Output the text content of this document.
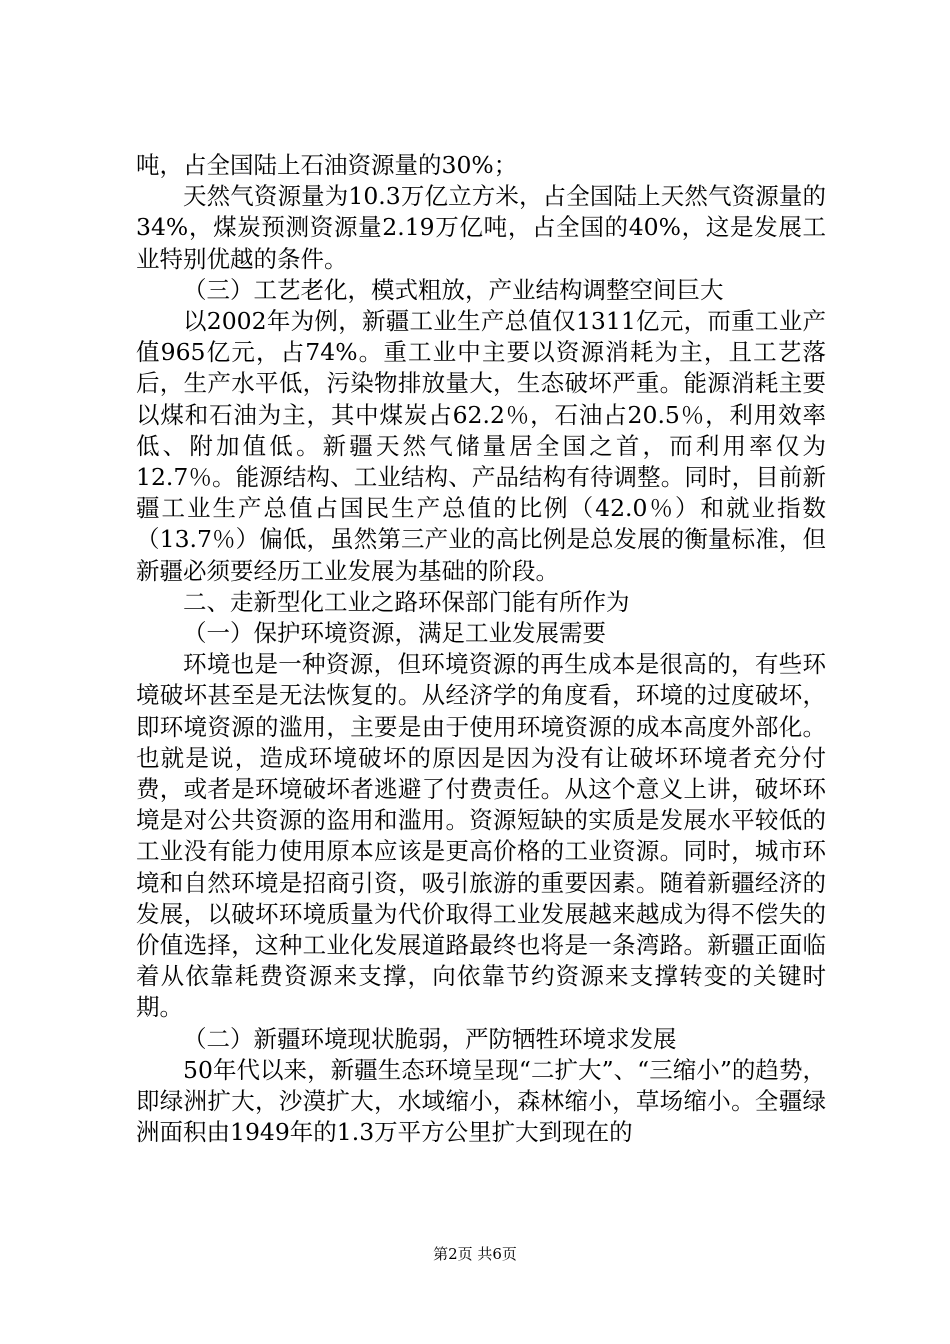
吨，占全国陆上石油资源量的30%；

天然气资源量为10.3万亿立方米，占全国陆上天然气资源量的34%，煤炭预测资源量2.19万亿吨，占全国的40%，这是发展工业特别优越的条件。

（三）工艺老化，模式粗放，产业结构调整空间巨大

以2002年为例，新疆工业生产总值仅1311亿元，而重工业产值965亿元，占74%。重工业中主要以资源消耗为主，且工艺落后，生产水平低，污染物排放量大，生态破坏严重。能源消耗主要以煤和石油为主，其中煤炭占62.2％，石油占20.5％，利用效率低、附加值低。新疆天然气储量居全国之首，而利用率仅为12.7％。能源结构、工业结构、产品结构有待调整。同时，目前新疆工业生产总值占国民生产总值的比例（42.0％）和就业指数（13.7％）偏低，虽然第三产业的高比例是总发展的衡量标准，但新疆必须要经历工业发展为基础的阶段。

二、走新型化工业之路环保部门能有所作为

（一）保护环境资源，满足工业发展需要

环境也是一种资源，但环境资源的再生成本是很高的，有些环境破坏甚至是无法恢复的。从经济学的角度看，环境的过度破坏，即环境资源的滥用，主要是由于使用环境资源的成本高度外部化。也就是说，造成环境破坏的原因是因为没有让破坏环境者充分付费，或者是环境破坏者逃避了付费责任。从这个意义上讲，破坏环境是对公共资源的盗用和滥用。资源短缺的实质是发展水平较低的工业没有能力使用原本应该是更高价格的工业资源。同时，城市环境和自然环境是招商引资，吸引旅游的重要因素。随着新疆经济的发展，以破坏环境质量为代价取得工业发展越来越成为得不偿失的价值选择，这种工业化发展道路最终也将是一条湾路。新疆正面临着从依靠耗费资源来支撑，向依靠节约资源来支撑转变的关键时期。

（二）新疆环境现状脆弱，严防牺牲环境求发展

50年代以来，新疆生态环境呈现“二扩大”、“三缩小”的趋势，即绿洲扩大，沙漠扩大，水域缩小，森林缩小，草场缩小。全疆绿洲面积由1949年的1.3万平方公里扩大到现在的

第2页 共6页
